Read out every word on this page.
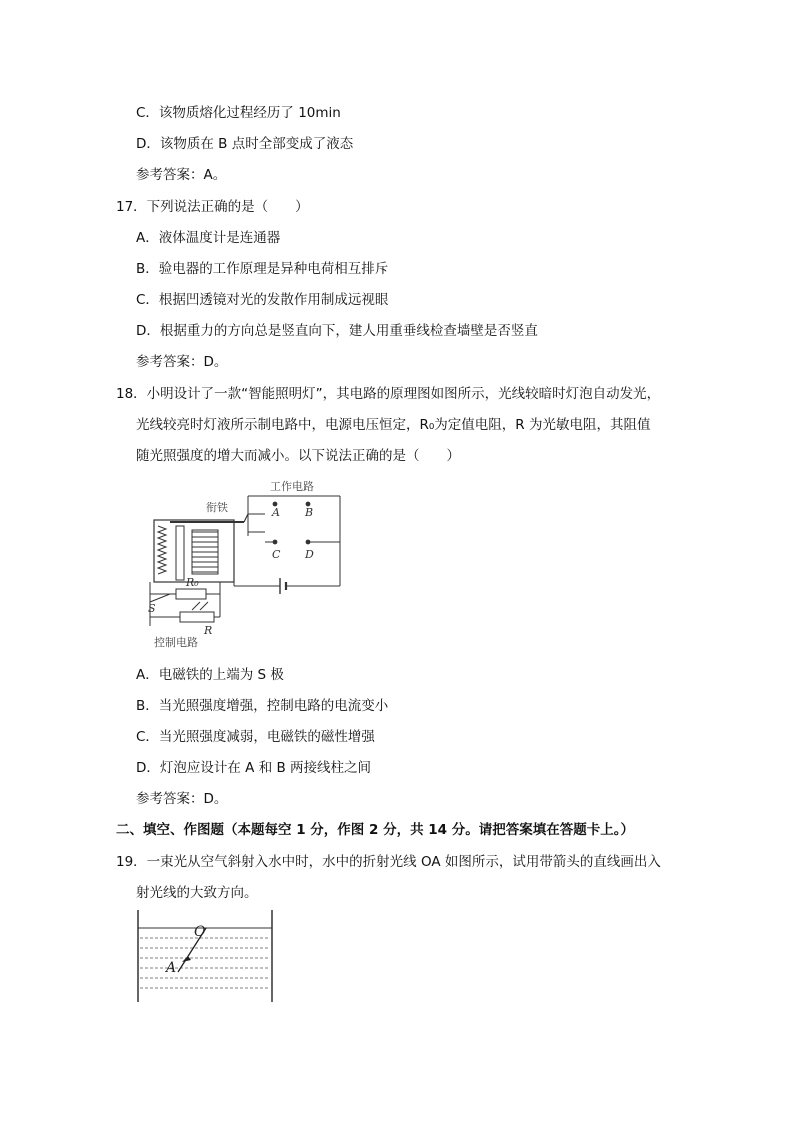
C．该物质熔化过程经历了 10min
D．该物质在 B 点时全部变成了液态
参考答案：A。
17．下列说法正确的是（　　）
A．液体温度计是连通器
B．验电器的工作原理是异种电荷相互排斥
C．根据凹透镜对光的发散作用制成远视眼
D．根据重力的方向总是竖直向下，建人用重垂线检查墙壁是否竖直
参考答案：D。
18．小明设计了一款“智能照明灯”，其电路的原理图如图所示，光线较暗时灯泡自动发光，
光线较亮时灯液所示制电路中，电源电压恒定，R₀为定值电阻，R 为光敏电阻，其阻值
随光照强度的增大而减小。以下说法正确的是（　　）
工作电路
衔铁	A B
C D
S
R₀
R
控制电路
A．电磁铁的上端为 S 极
B．当光照强度增强，控制电路的电流变小
C．当光照强度减弱，电磁铁的磁性增强
D．灯泡应设计在 A 和 B 两接线柱之间
参考答案：D。
二、填空、作图题（本题每空 1 分，作图 2 分，共 14 分。请把答案填在答题卡上。）
19．一束光从空气斜射入水中时，水中的折射光线 OA 如图所示，试用带箭头的直线画出入
射光线的大致方向。
O
A
